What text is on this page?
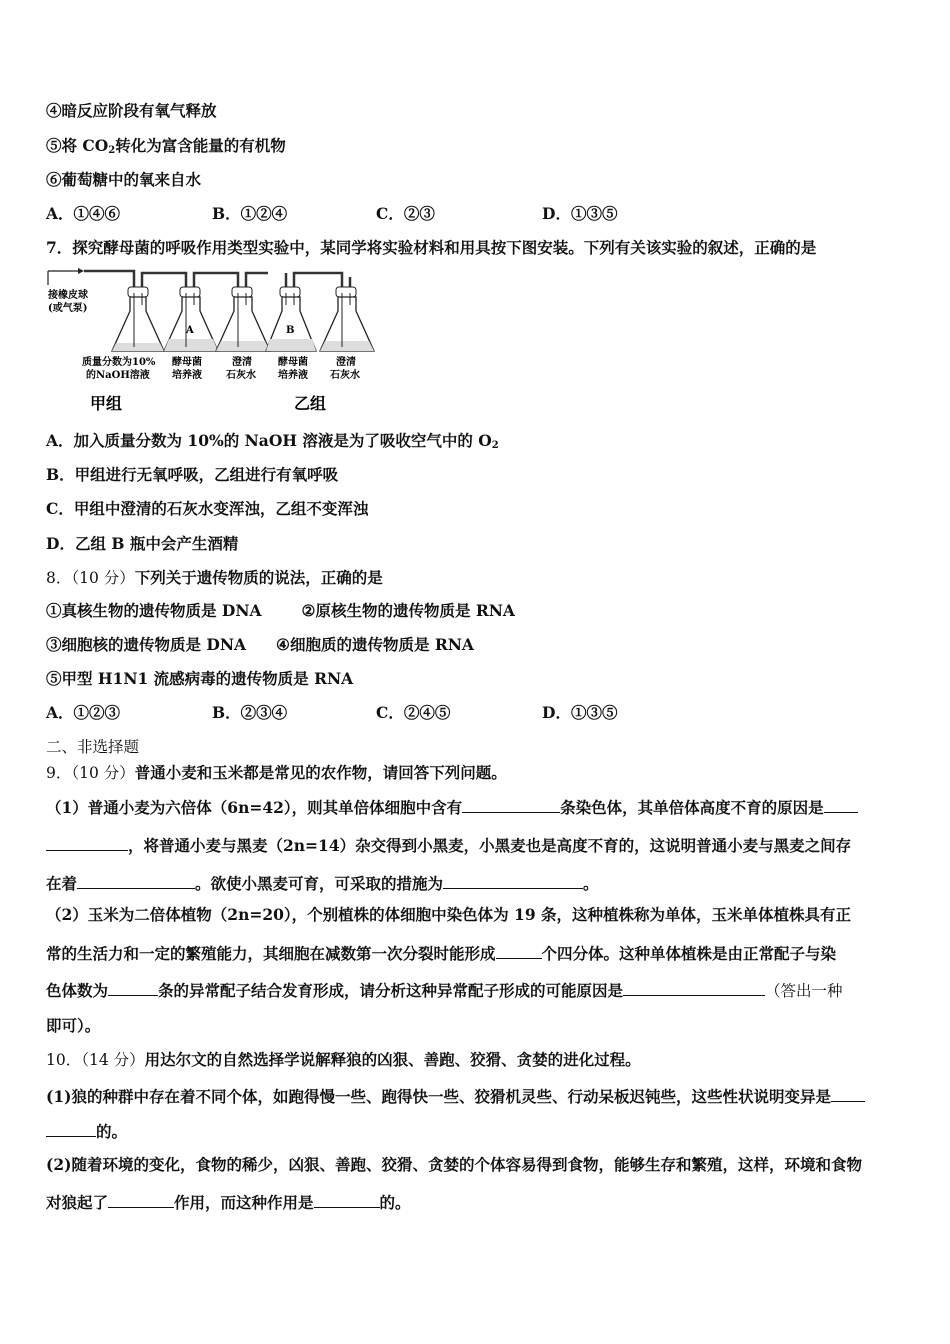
④暗反应阶段有氧气释放
⑤将 $CO_2$转化为富含能量的有机物
⑥葡萄糖中的氧来自水
A．①④⑥	B．①②④	C．②③	D．①③⑤
7．探究酵母菌的呼吸作用类型实验中，某同学将实验材料和用具按下图安装。下列有关该实验的叙述，正确的是
接橡皮球
(或气泵)
A	B
质量分数为10%
的NaOH溶液
酵母菌
培养液
澄清
石灰水
酵母菌
培养液
澄清
石灰水
甲组	乙组
A．加入质量分数为 10%的 NaOH 溶液是为了吸收空气中的 $O_2$
B．甲组进行无氧呼吸，乙组进行有氧呼吸
C．甲组中澄清的石灰水变浑浊，乙组不变浑浊
D．乙组 B 瓶中会产生酒精
8．（10 分）下列关于遗传物质的说法，正确的是
①真核生物的遗传物质是 DNA	②原核生物的遗传物质是 RNA
③细胞核的遗传物质是 DNA ④细胞质的遗传物质是 RNA
⑤甲型 H1N1 流感病毒的遗传物质是 RNA
A．①②③	B．②③④	C．②④⑤	D．①③⑤
二、非选择题
9．（10 分）普通小麦和玉米都是常见的农作物，请回答下列问题。
（1）普通小麦为六倍体（6n=42），则其单倍体细胞中含有	条染色体，其单倍体高度不育的原因是
，将普通小麦与黑麦（2n=14）杂交得到小黑麦，小黑麦也是高度不育的，这说明普通小麦与黑麦之间存
在着	。欲使小黑麦可育，可采取的措施为	。
（2）玉米为二倍体植物（2n=20），个别植株的体细胞中染色体为 19 条，这种植株称为单体，玉米单体植株具有正
常的生活力和一定的繁殖能力，其细胞在减数第一次分裂时能形成	个四分体。这种单体植株是由正常配子与染
色体数为	条的异常配子结合发育形成，请分析这种异常配子形成的可能原因是	（答出一种
即可）。
10．（14 分）用达尔文的自然选择学说解释狼的凶狠、善跑、狡猾、贪婪的进化过程。
(1)狼的种群中存在着不同个体，如跑得慢一些、跑得快一些、狡猾机灵些、行动呆板迟钝些，这些性状说明变异是
的。
(2)随着环境的变化，食物的稀少，凶狠、善跑、狡猾、贪婪的个体容易得到食物，能够生存和繁殖，这样，环境和食物
对狼起了	作用，而这种作用是	的。
